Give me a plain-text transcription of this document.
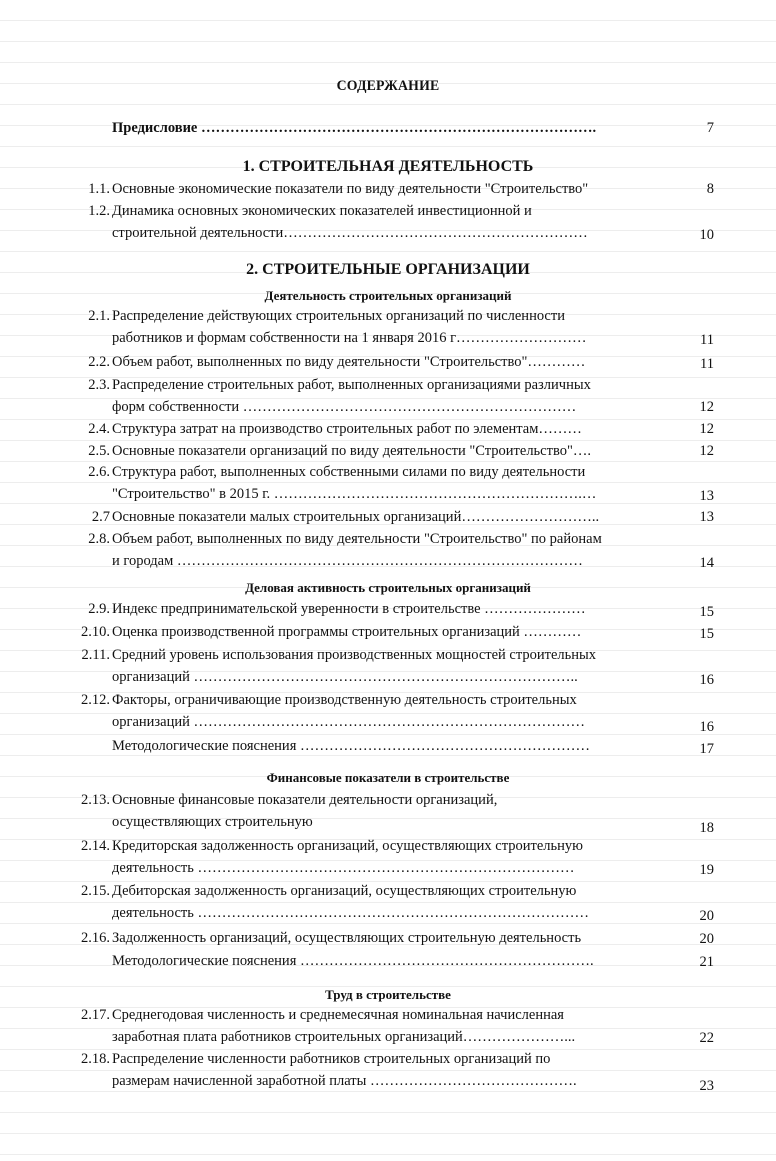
СОДЕРЖАНИЕ
Предисловие ……………………………………………………………………….	7
1. СТРОИТЕЛЬНАЯ ДЕЯТЕЛЬНОСТЬ
1.1. Основные экономические показатели по виду деятельности "Строительство"	8
1.2. Динамика основных экономических показателей инвестиционной и
строительной деятельности………………………………………………………	10
2. СТРОИТЕЛЬНЫЕ ОРГАНИЗАЦИИ
Деятельность строительных организаций
2.1. Распределение действующих строительных организаций по численности
работников и формам собственности на 1 января 2016 г………………………	11
2.2. Объем работ, выполненных по виду деятельности "Строительство"…………	11
2.3. Распределение строительных работ, выполненных организациями различных
форм собственности ……………………………………………………………	12
2.4. Структура затрат на производство строительных работ по элементам………	12
2.5. Основные показатели организаций по виду деятельности "Строительство"….	12
2.6. Структура работ, выполненных собственными силами по виду деятельности
"Строительство" в 2015 г. ……………………………………………………….…	13
2.7 Основные показатели малых строительных организаций………………………..	13
2.8. Объем работ, выполненных по виду деятельности "Строительство" по районам
и городам …………………………………………………………………………	14
Деловая активность строительных организаций
2.9. Индекс предпринимательской уверенности в строительстве …………………	15
2.10. Оценка производственной программы строительных организаций …………	15
2.11. Средний уровень использования производственных мощностей строительных
организаций ……………………………………………………………………..	16
2.12. Факторы, ограничивающие производственную деятельность строительных
организаций ………………………………………………………………………	16
Методологические пояснения ……………………………………………………	17
Финансовые показатели в строительстве
2.13. Основные финансовые показатели деятельности организаций,
осуществляющих строительную	18
2.14. Кредиторская задолженность организаций, осуществляющих строительную
деятельность ……………………………………………………………………	19
2.15. Дебиторская задолженность организаций, осуществляющих строительную
деятельность ………………………………………………………………………	20
2.16. Задолженность организаций, осуществляющих строительную деятельность	20
Методологические пояснения …………………………………………………….	21
Труд в строительстве
2.17. Среднегодовая численность и среднемесячная номинальная начисленная
заработная плата работников строительных организаций…………………...	22
2.18. Распределение численности работников строительных организаций по
размерам начисленной заработной платы …………………………………….	23
